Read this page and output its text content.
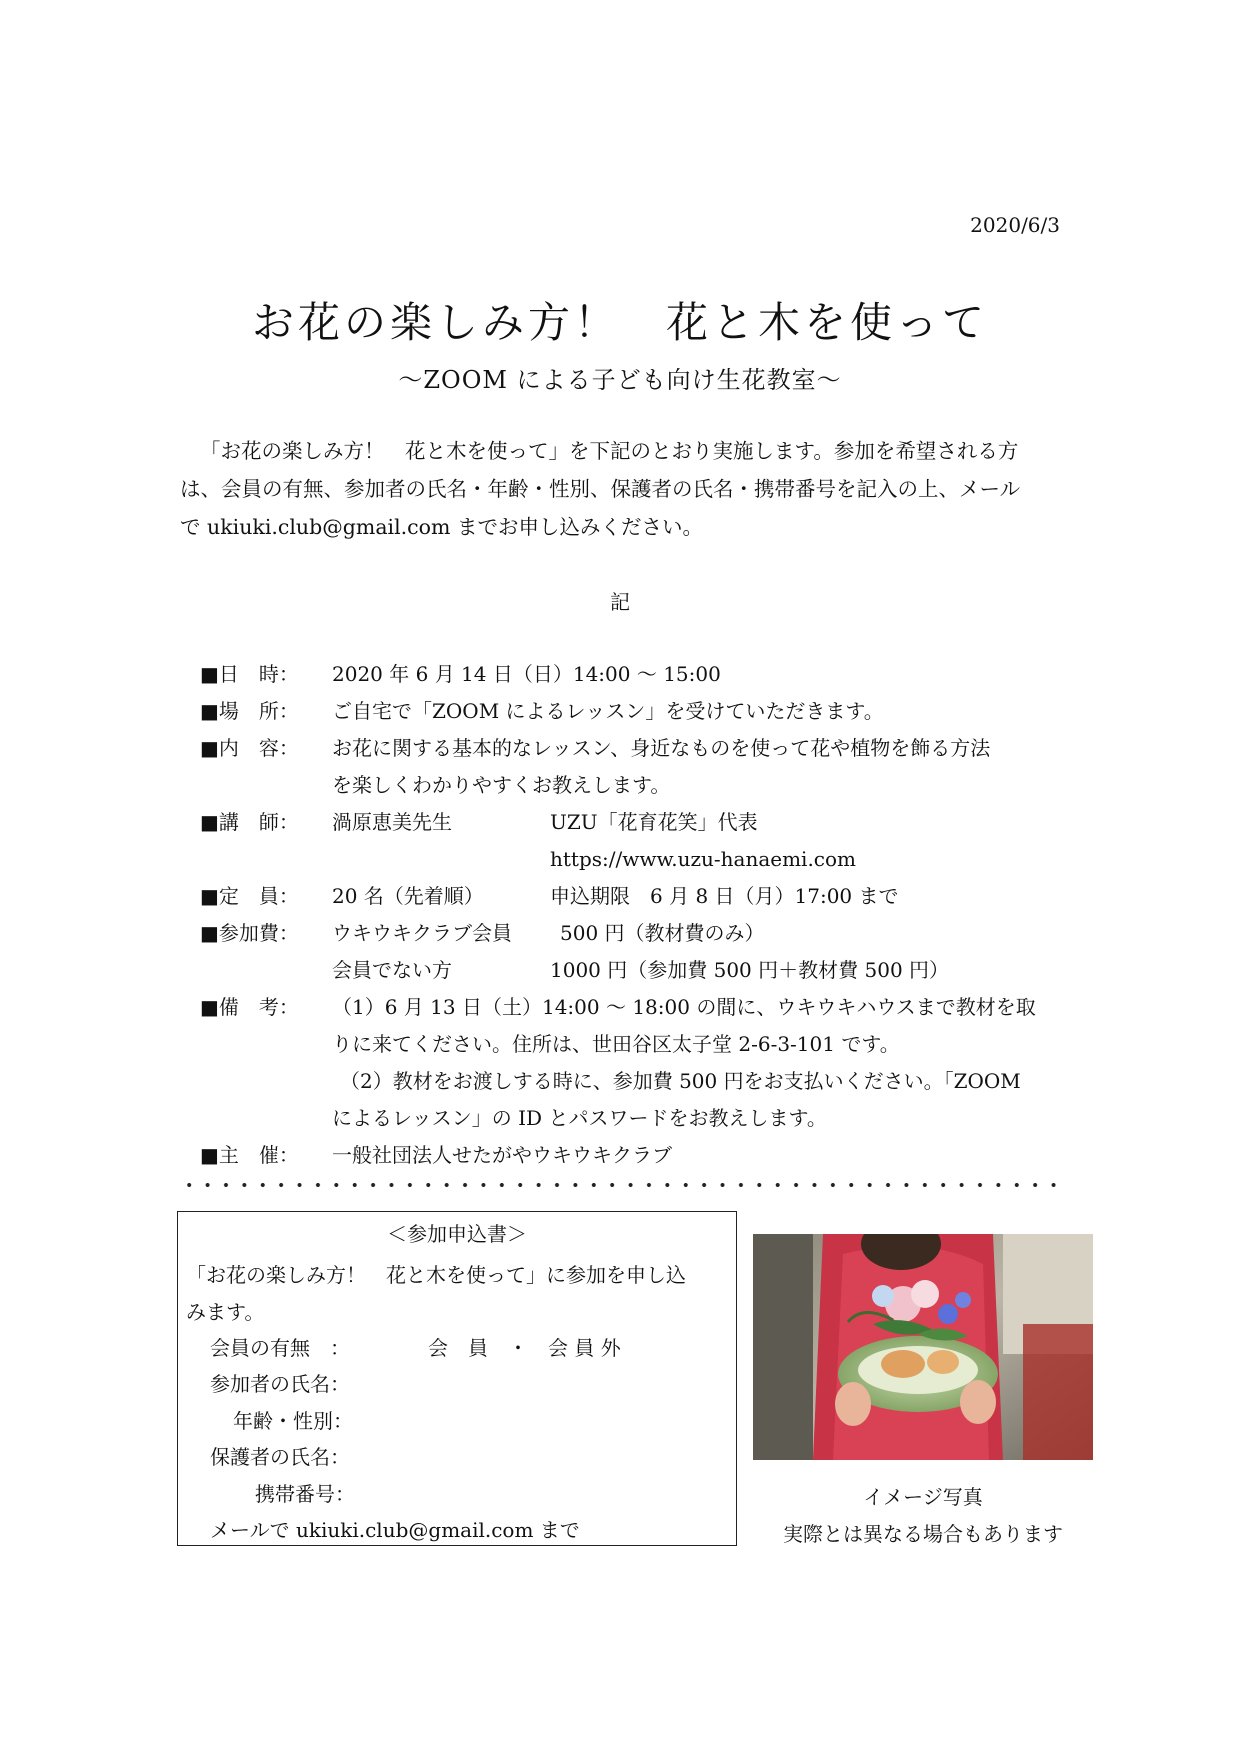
2020/6/3
お花の楽しみ方！　花と木を使って
〜ZOOM による子ども向け生花教室〜

「お花の楽しみ方！　花と木を使って」を下記のとおり実施します。参加を希望される方

は、会員の有無、参加者の氏名・年齢・性別、保護者の氏名・携帯番号を記入の上、メール

で ukiuki.club@gmail.com までお申し込みください。

記
■日　時： 2020 年 6 月 14 日（日）14:00 〜 15:00
■場　所： ご自宅で「ZOOM によるレッスン」を受けていただきます。
■内　容： お花に関する基本的なレッスン、身近なものを使って花や植物を飾る方法
を楽しくわかりやすくお教えします。
■講　師： 渦原恵美先生	UZU「花育花笑」代表
https://www.uzu-hanaemi.com
■定　員： 20 名（先着順）	申込期限　6 月 8 日（月）17:00 まで
■参加費： ウキウキクラブ会員 500 円（教材費のみ）
会員でない方	1000 円（参加費 500 円＋教材費 500 円）
■備　考： （1）6 月 13 日（土）14:00 〜 18:00 の間に、ウキウキハウスまで教材を取
りに来てください。住所は、世田谷区太子堂 2-6-3-101 です。
（2）教材をお渡しする時に、参加費 500 円をお支払いください。「ZOOM
によるレッスン」の ID とパスワードをお教えします。
■主　催： 一般社団法人せたがやウキウキクラブ
＜参加申込書＞
「お花の楽しみ方！　花と木を使って」に参加を申し込
みます。
会員の有無　：	会　員　・　会 員 外
参加者の氏名：
年齢・性別：
保護者の氏名：
携帯番号：
メールで ukiuki.club@gmail.com まで
イメージ写真
実際とは異なる場合もあります
